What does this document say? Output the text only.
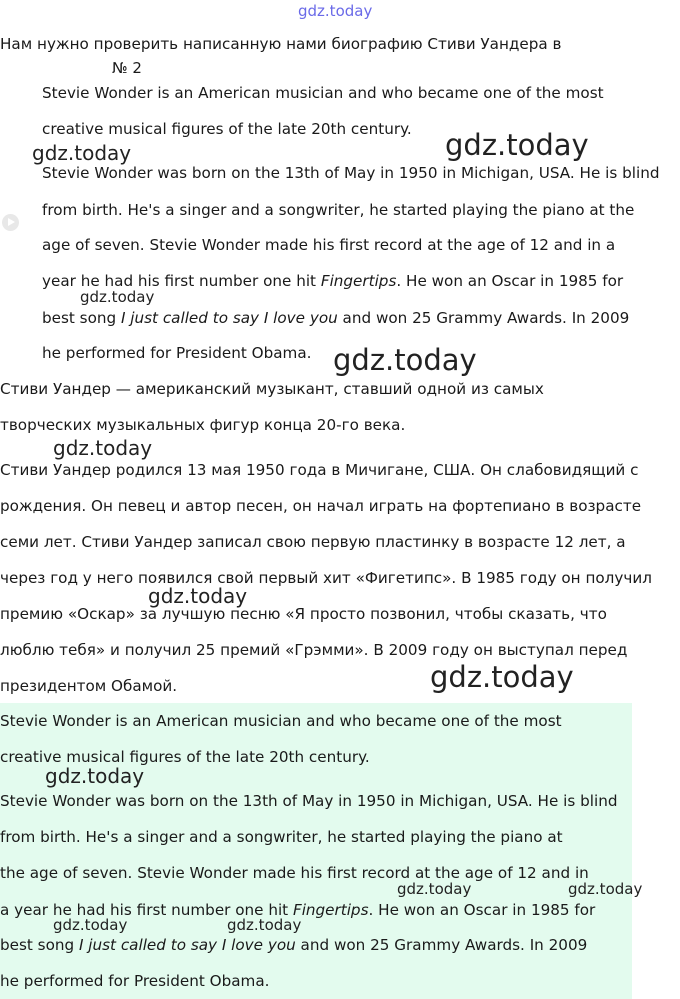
gdz.today
Нам нужно проверить написанную нами биографию Стиви Уандера в
№ 2
Stevie Wonder is an American musician and who became one of the most
creative musical figures of the late 20th century.
Stevie Wonder was born on the 13th of May in 1950 in Michigan, USA. He is blind
from birth. He's a singer and a songwriter, he started playing the piano at the
age of seven. Stevie Wonder made his first record at the age of 12 and in a
year he had his first number one hit Fingertips. He won an Oscar in 1985 for
best song I just called to say I love you and won 25 Grammy Awards. In 2009
he performed for President Obama.
Стиви Уандер — американский музыкант, ставший одной из самых
творческих музыкальных фигур конца 20-го века.
Стиви Уандер родился 13 мая 1950 года в Мичигане, США. Он слабовидящий с
рождения. Он певец и автор песен, он начал играть на фортепиано в возрасте
семи лет. Стиви Уандер записал свою первую пластинку в возрасте 12 лет, а
через год у него появился свой первый хит «Фигетипс». В 1985 году он получил
премию «Оскар» за лучшую песню «Я просто позвонил, чтобы сказать, что
люблю тебя» и получил 25 премий «Грэмми». В 2009 году он выступал перед
президентом Обамой.
Stevie Wonder is an American musician and who became one of the most
creative musical figures of the late 20th century.
Stevie Wonder was born on the 13th of May in 1950 in Michigan, USA. He is blind
from birth. He's a singer and a songwriter, he started playing the piano at
the age of seven. Stevie Wonder made his first record at the age of 12 and in
a year he had his first number one hit Fingertips. He won an Oscar in 1985 for
best song I just called to say I love you and won 25 Grammy Awards. In 2009
he performed for President Obama.
gdz.today
gdz.today
gdz.today
gdz.today
gdz.today
gdz.today
gdz.today
gdz.today
gdz.today	gdz.today
gdz.today	gdz.today
